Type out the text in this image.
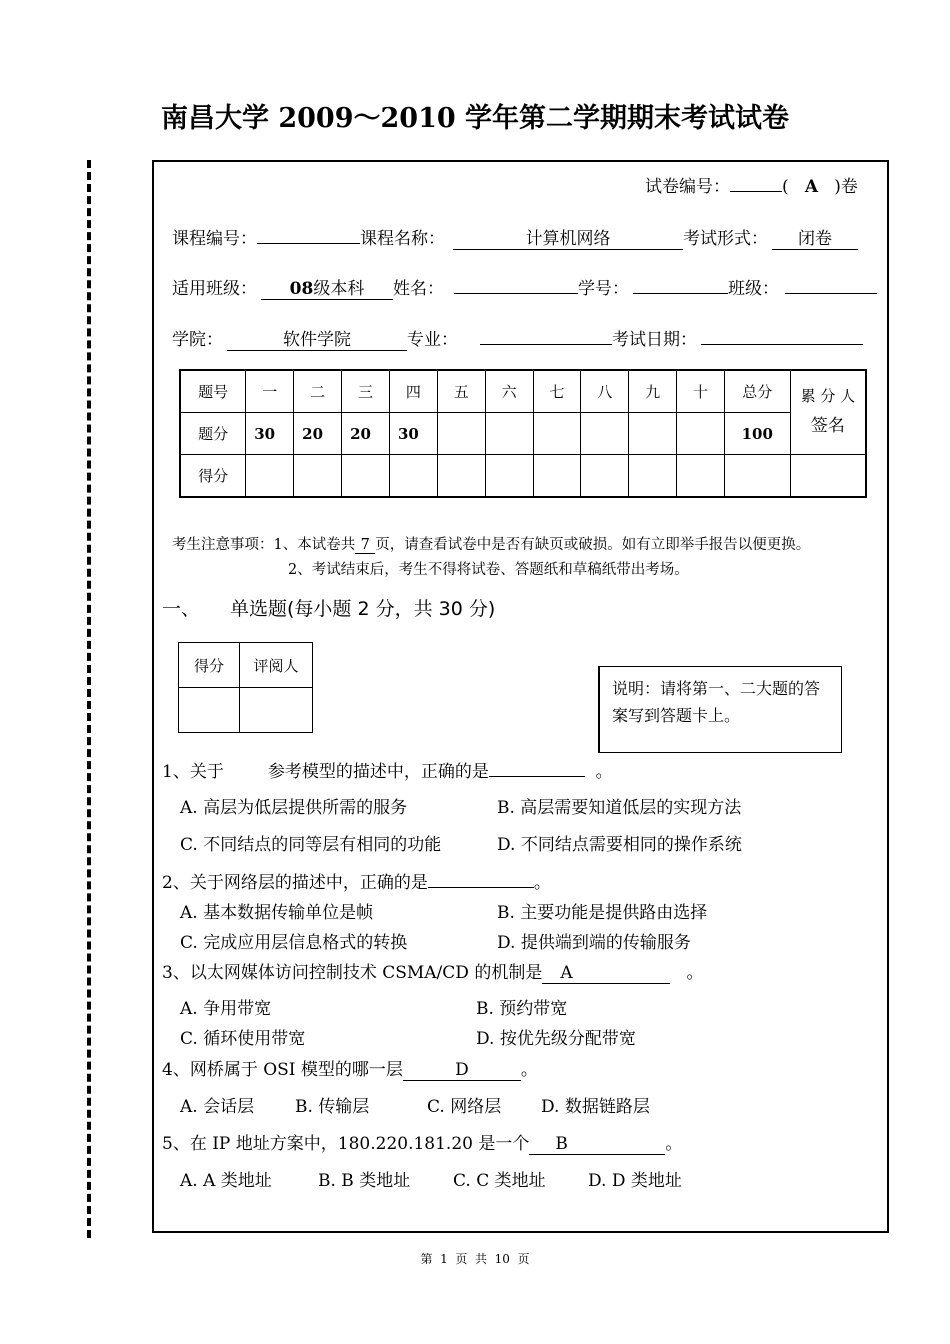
南昌大学 2009～2010 学年第二学期期末考试试卷
试卷编号：	( A )卷
课程编号：	课程名称：	计算机网络	考试形式： 闭卷
适用班级： 08级本科 姓名：	学号：	班级：
学院：	软件学院	专业：	考试日期：
题号	一	二	三	四	五	六	七	八	九	十	总分	累 分 人
签名

题分	30	20	20	30							100	
得分												
考生注意事项：1、本试卷共 7 页，请查看试卷中是否有缺页或破损。如有立即举手报告以便更换。
2、考试结束后，考生不得将试卷、答题纸和草稿纸带出考场。
一、 单选题(每小题 2 分，共 30 分)
得分	评阅人

说明：请将第一、二大题的答案写到答题卡上。
1、关于	参考模型的描述中，正确的是	。
A. 高层为低层提供所需的服务	B. 高层需要知道低层的实现方法
C. 不同结点的同等层有相同的功能	D. 不同结点需要相同的操作系统
2、关于网络层的描述中，正确的是	。
A. 基本数据传输单位是帧	B. 主要功能是提供路由选择
C. 完成应用层信息格式的转换	D. 提供端到端的传输服务
3、以太网媒体访问控制技术 CSMA/CD 的机制是 A	。
A. 争用带宽	B. 预约带宽
C. 循环使用带宽	D. 按优先级分配带宽
4、网桥属于 OSI 模型的哪一层	D	。
A. 会话层 B. 传输层	C. 网络层 D. 数据链路层
5、在 IP 地址方案中，180.220.181.20 是一个 B	。
A. A 类地址	B. B 类地址	C. C 类地址 D. D 类地址
第  1  页  共  10  页
